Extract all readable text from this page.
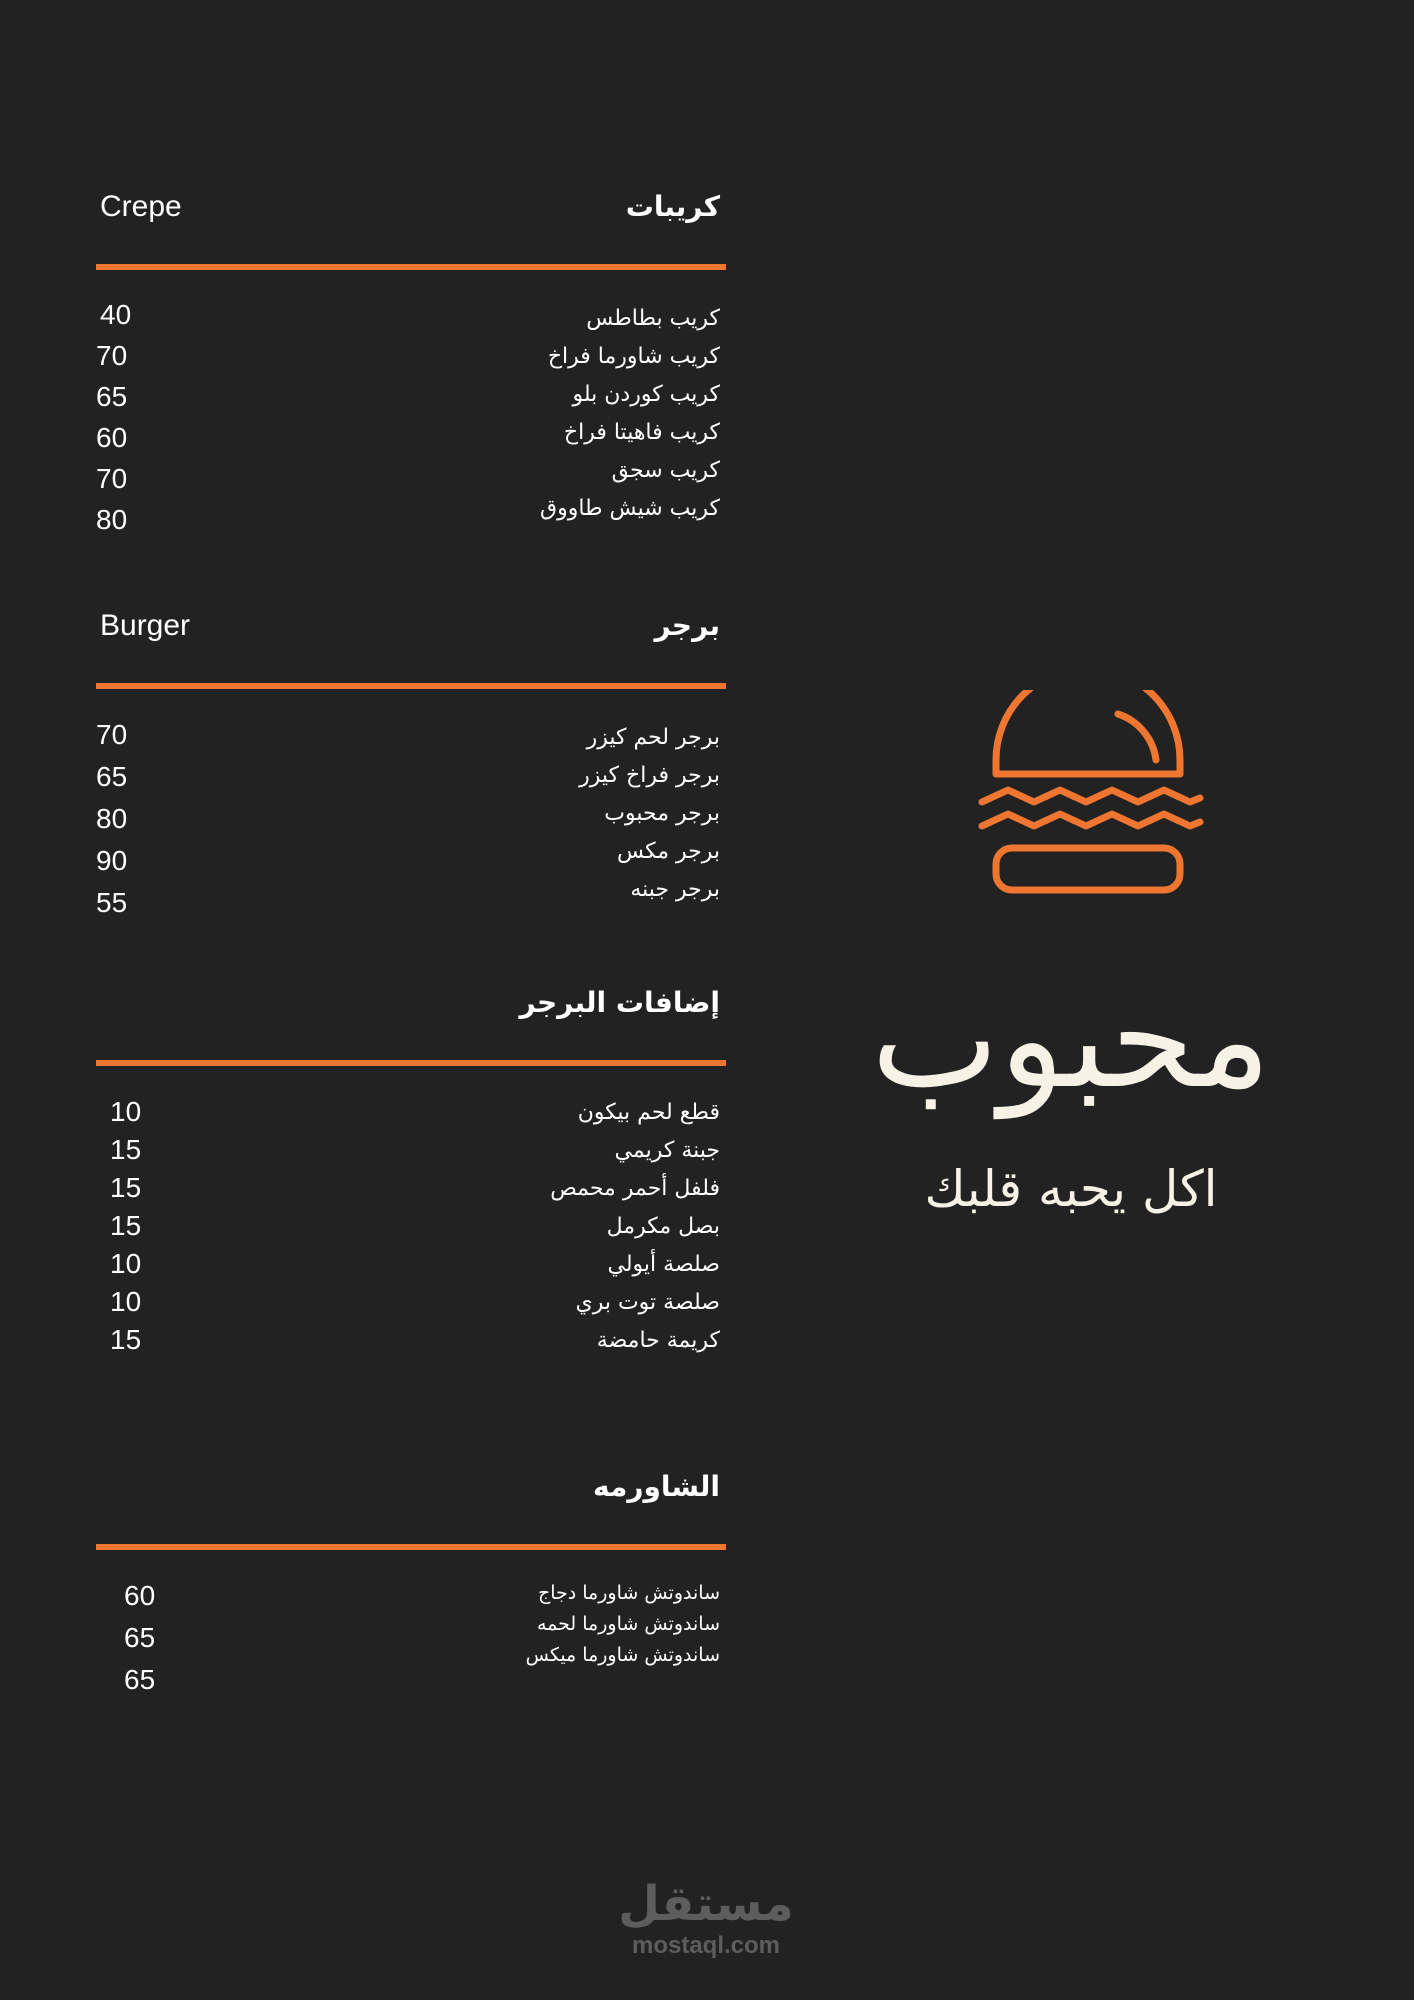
كريبات
Crepe
كريب بطاطس
كريب شاورما فراخ
كريب كوردن بلو
كريب فاهيتا فراخ
كريب سجق
كريب شيش طاووق
40
70
65
60
70
80
برجر
Burger
برجر لحم كيزر
برجر فراخ كيزر
برجر محبوب
برجر مكس
برجر جبنه
70
65
80
90
55
إضافات البرجر
قطع لحم بيكون
جبنة كريمي
فلفل أحمر محمص
بصل مكرمل
صلصة أيولي
صلصة توت بري
كريمة حامضة
10
15
15
15
10
10
15
الشاورمه
ساندوتش شاورما دجاج
ساندوتش شاورما لحمه
ساندوتش شاورما ميكس
60
65
65
محبوب
اكل يحبه قلبك
مستقل
mostaql.com
